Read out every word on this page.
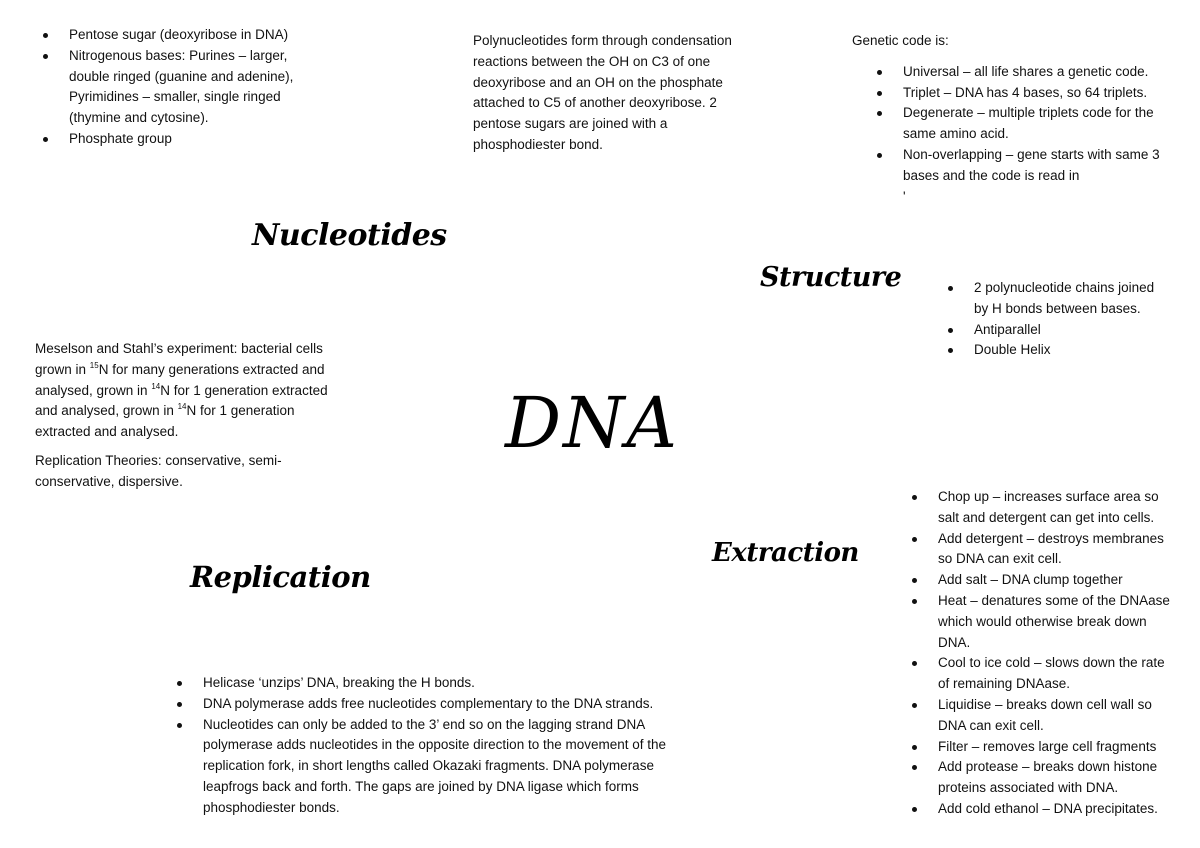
DNA
Nucleotides
Structure
Replication
Extraction
Pentose sugar (deoxyribose in DNA)
Nitrogenous bases: Purines – larger, double ringed (guanine and adenine), Pyrimidines – smaller, single ringed (thymine and cytosine).
Phosphate group

Polynucleotides form through condensation reactions between the OH on C3 of one deoxyribose and an OH on the phosphate attached to C5 of another deoxyribose. 2 pentose sugars are joined with a phosphodiester bond.

Genetic code is:

Universal – all life shares a genetic code.
Triplet – DNA has 4 bases, so 64 triplets.
Degenerate – multiple triplets code for the same amino acid.
Non-overlapping – gene starts with same 3 bases and the code is read in
'
2 polynucleotide chains joined by H bonds between bases.
Antiparallel
Double Helix

Meselson and Stahl’s experiment: bacterial cells grown in $^{15}$N for many generations extracted and analysed, grown in $^{14}$N for 1 generation extracted and analysed, grown in $^{14}$N for 1 generation extracted and analysed.

Replication Theories: conservative, semi-conservative, dispersive.

Helicase ‘unzips’ DNA, breaking the H bonds.
DNA polymerase adds free nucleotides complementary to the DNA strands.
Nucleotides can only be added to the 3’ end so on the lagging strand DNA polymerase adds nucleotides in the opposite direction to the movement of the replication fork, in short lengths called Okazaki fragments. DNA polymerase leapfrogs back and forth. The gaps are joined by DNA ligase which forms phosphodiester bonds.
Chop up – increases surface area so salt and detergent can get into cells.
Add detergent – destroys membranes so DNA can exit cell.
Add salt – DNA clump together
Heat – denatures some of the DNAase which would otherwise break down DNA.
Cool to ice cold – slows down the rate of remaining DNAase.
Liquidise – breaks down cell wall so DNA can exit cell.
Filter – removes large cell fragments
Add protease – breaks down histone proteins associated with DNA.
Add cold ethanol – DNA precipitates.
